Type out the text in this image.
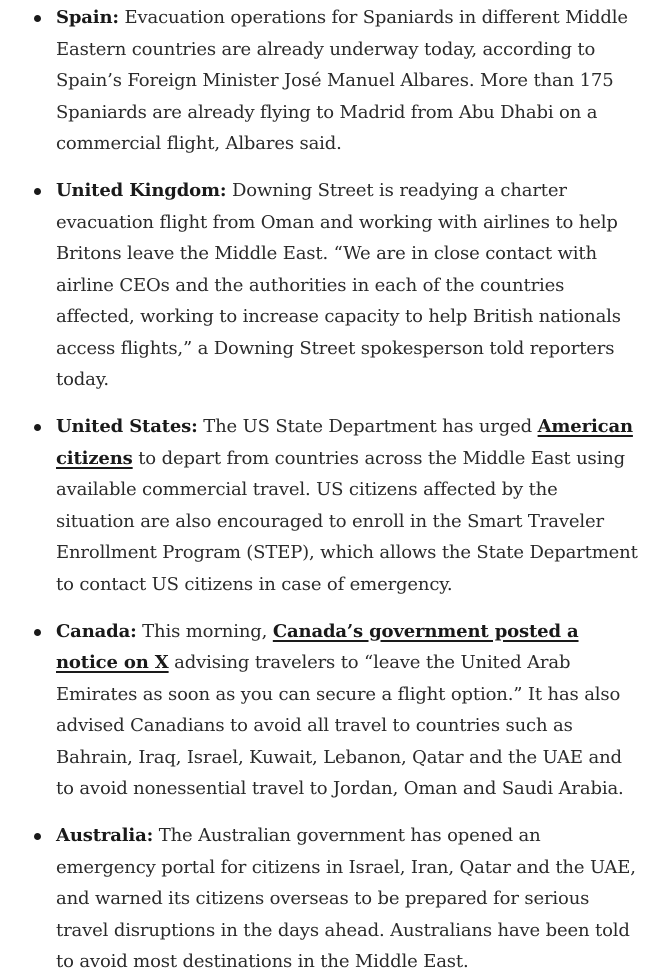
Spain: Evacuation operations for Spaniards in different Middle Eastern countries are already underway today, according to Spain’s Foreign Minister José Manuel Albares. More than 175 Spaniards are already flying to Madrid from Abu Dhabi on a commercial flight, Albares said.
United Kingdom: Downing Street is readying a charter evacuation flight from Oman and working with airlines to help Britons leave the Middle East. “We are in close contact with airline CEOs and the authorities in each of the countries affected, working to increase capacity to help British nationals access flights,” a Downing Street spokesperson told reporters today.
United States: The US State Department has urged American citizens to depart from countries across the Middle East using available commercial travel. US citizens affected by the situation are also encouraged to enroll in the Smart Traveler Enrollment Program (STEP), which allows the State Department to contact US citizens in case of emergency.
Canada: This morning, Canada’s government posted a notice on X advising travelers to “leave the United Arab Emirates as soon as you can secure a flight option.” It has also advised Canadians to avoid all travel to countries such as Bahrain, Iraq, Israel, Kuwait, Lebanon, Qatar and the UAE and to avoid nonessential travel to Jordan, Oman and Saudi Arabia.
Australia: The Australian government has opened an emergency portal for citizens in Israel, Iran, Qatar and the UAE, and warned its citizens overseas to be prepared for serious travel disruptions in the days ahead. Australians have been told to avoid most destinations in the Middle East.
